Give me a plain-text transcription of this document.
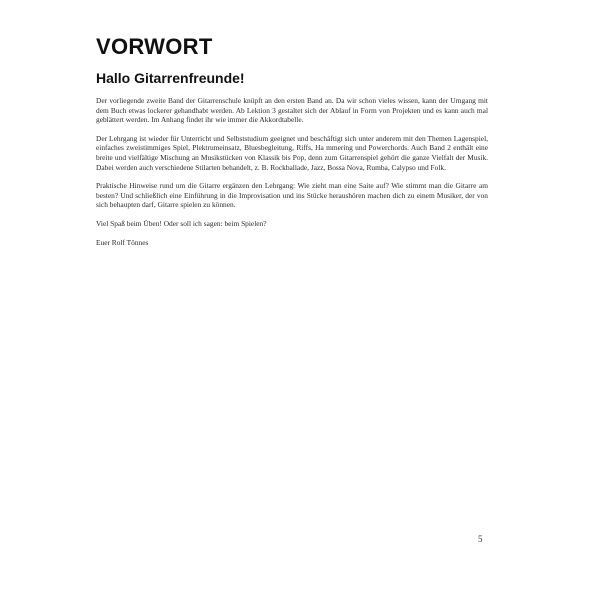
VORWORT
Hallo Gitarrenfreunde!

Der vorliegende zweite Band der Gitarrenschule knüpft an den ersten Band an. Da wir schon vieles wissen, kann der Umgang mit dem Buch etwas lockerer gehandhabt werden. Ab Lektion 3 gestaltet sich der Ablauf in Form von Projekten und es kann auch mal geblättert werden. Im Anhang findet ihr wie immer die Akkordtabelle.

Der Lehrgang ist wieder für Unterricht und Selbststudium geeignet und beschäftigt sich unter anderem mit den Themen Lagenspiel, einfaches zweistimmiges Spiel, Plektrumeinsatz, Bluesbegleitung, Riffs, Ha mmering und Powerchords. Auch Band 2 enthält eine breite und vielfältige Mischung an Musikstücken von Klassik bis Pop, denn zum Gitarrenspiel gehört die ganze Vielfalt der Musik. Dabei werden auch verschiedene Stilarten behandelt, z. B. Rockballade, Jazz, Bossa Nova, Rumba, Calypso und Folk.

Praktische Hinweise rund um die Gitarre ergänzen den Lehrgang: Wie zieht man eine Saite auf? Wie stimmt man die Gitarre am besten? Und schließlich eine Einführung in die Improvisation und ins Stücke heraushören machen dich zu einem Musiker, der von sich behaupten darf, Gitarre spielen zu können.

Viel Spaß beim Üben! Oder soll ich sagen: beim Spielen?

Euer Rolf Tönnes

5
